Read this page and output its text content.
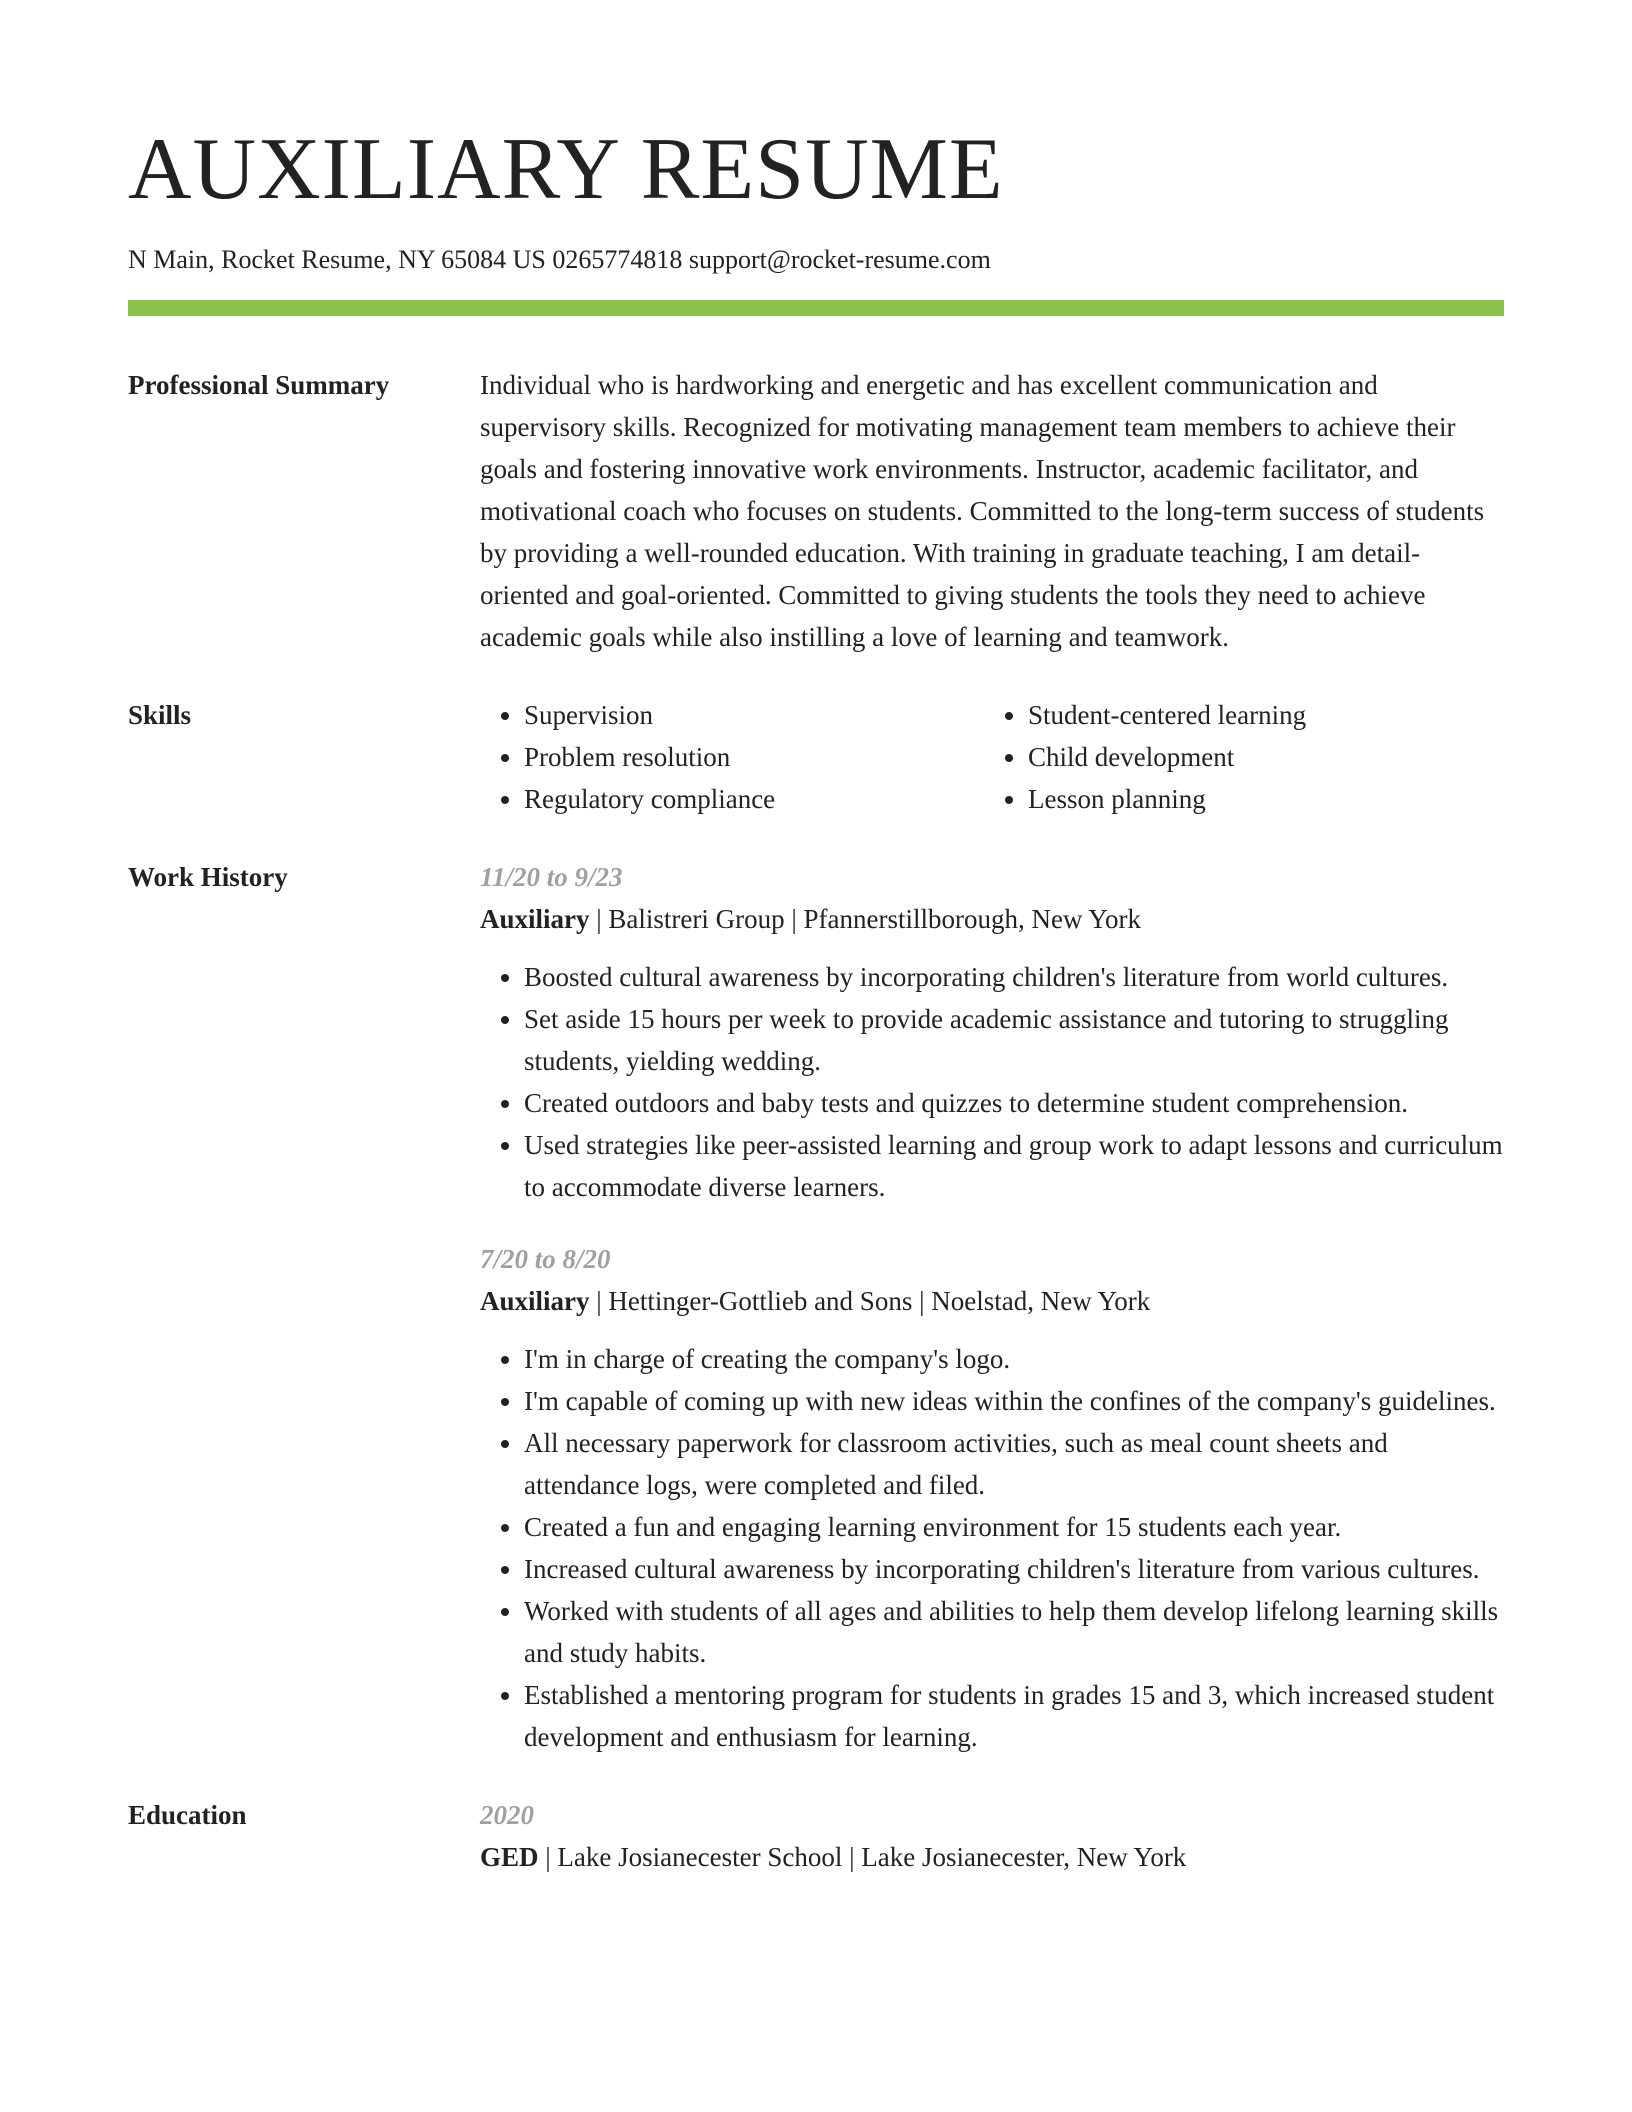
AUXILIARY RESUME
N Main, Rocket Resume, NY 65084 US 0265774818 support@rocket-resume.com
Professional Summary	Individual who is hardworking and energetic and has excellent communication and supervisory skills. Recognized for motivating management team members to achieve their goals and fostering innovative work environments. Instructor, academic facilitator, and motivational coach who focuses on students. Committed to the long-term success of students by providing a well-rounded education. With training in graduate teaching, I am detail-oriented and goal-oriented. Committed to giving students the tools they need to achieve academic goals while also instilling a love of learning and teamwork.

Skills
•	Supervision
• Problem resolution
• Regulatory compliance
• Student-centered learning
• Child development
• Lesson planning
Work History	11/20 to 9/23
Auxiliary | Balistreri Group | Pfannerstillborough, New York
• Boosted cultural awareness by incorporating children's literature from world cultures.
• Set aside 15 hours per week to provide academic assistance and tutoring to struggling students, yielding wedding.
• Created outdoors and baby tests and quizzes to determine student comprehension.
• Used strategies like peer-assisted learning and group work to adapt lessons and curriculum to accommodate diverse learners.
7/20 to 8/20
Auxiliary | Hettinger-Gottlieb and Sons | Noelstad, New York
• I'm in charge of creating the company's logo.
• I'm capable of coming up with new ideas within the confines of the company's guidelines.
• All necessary paperwork for classroom activities, such as meal count sheets and attendance logs, were completed and filed.
• Created a fun and engaging learning environment for 15 students each year.
• Increased cultural awareness by incorporating children's literature from various cultures.
• Worked with students of all ages and abilities to help them develop lifelong learning skills and study habits.
• Established a mentoring program for students in grades 15 and 3, which increased student development and enthusiasm for learning.
Education	2020
GED | Lake Josianecester School | Lake Josianecester, New York
